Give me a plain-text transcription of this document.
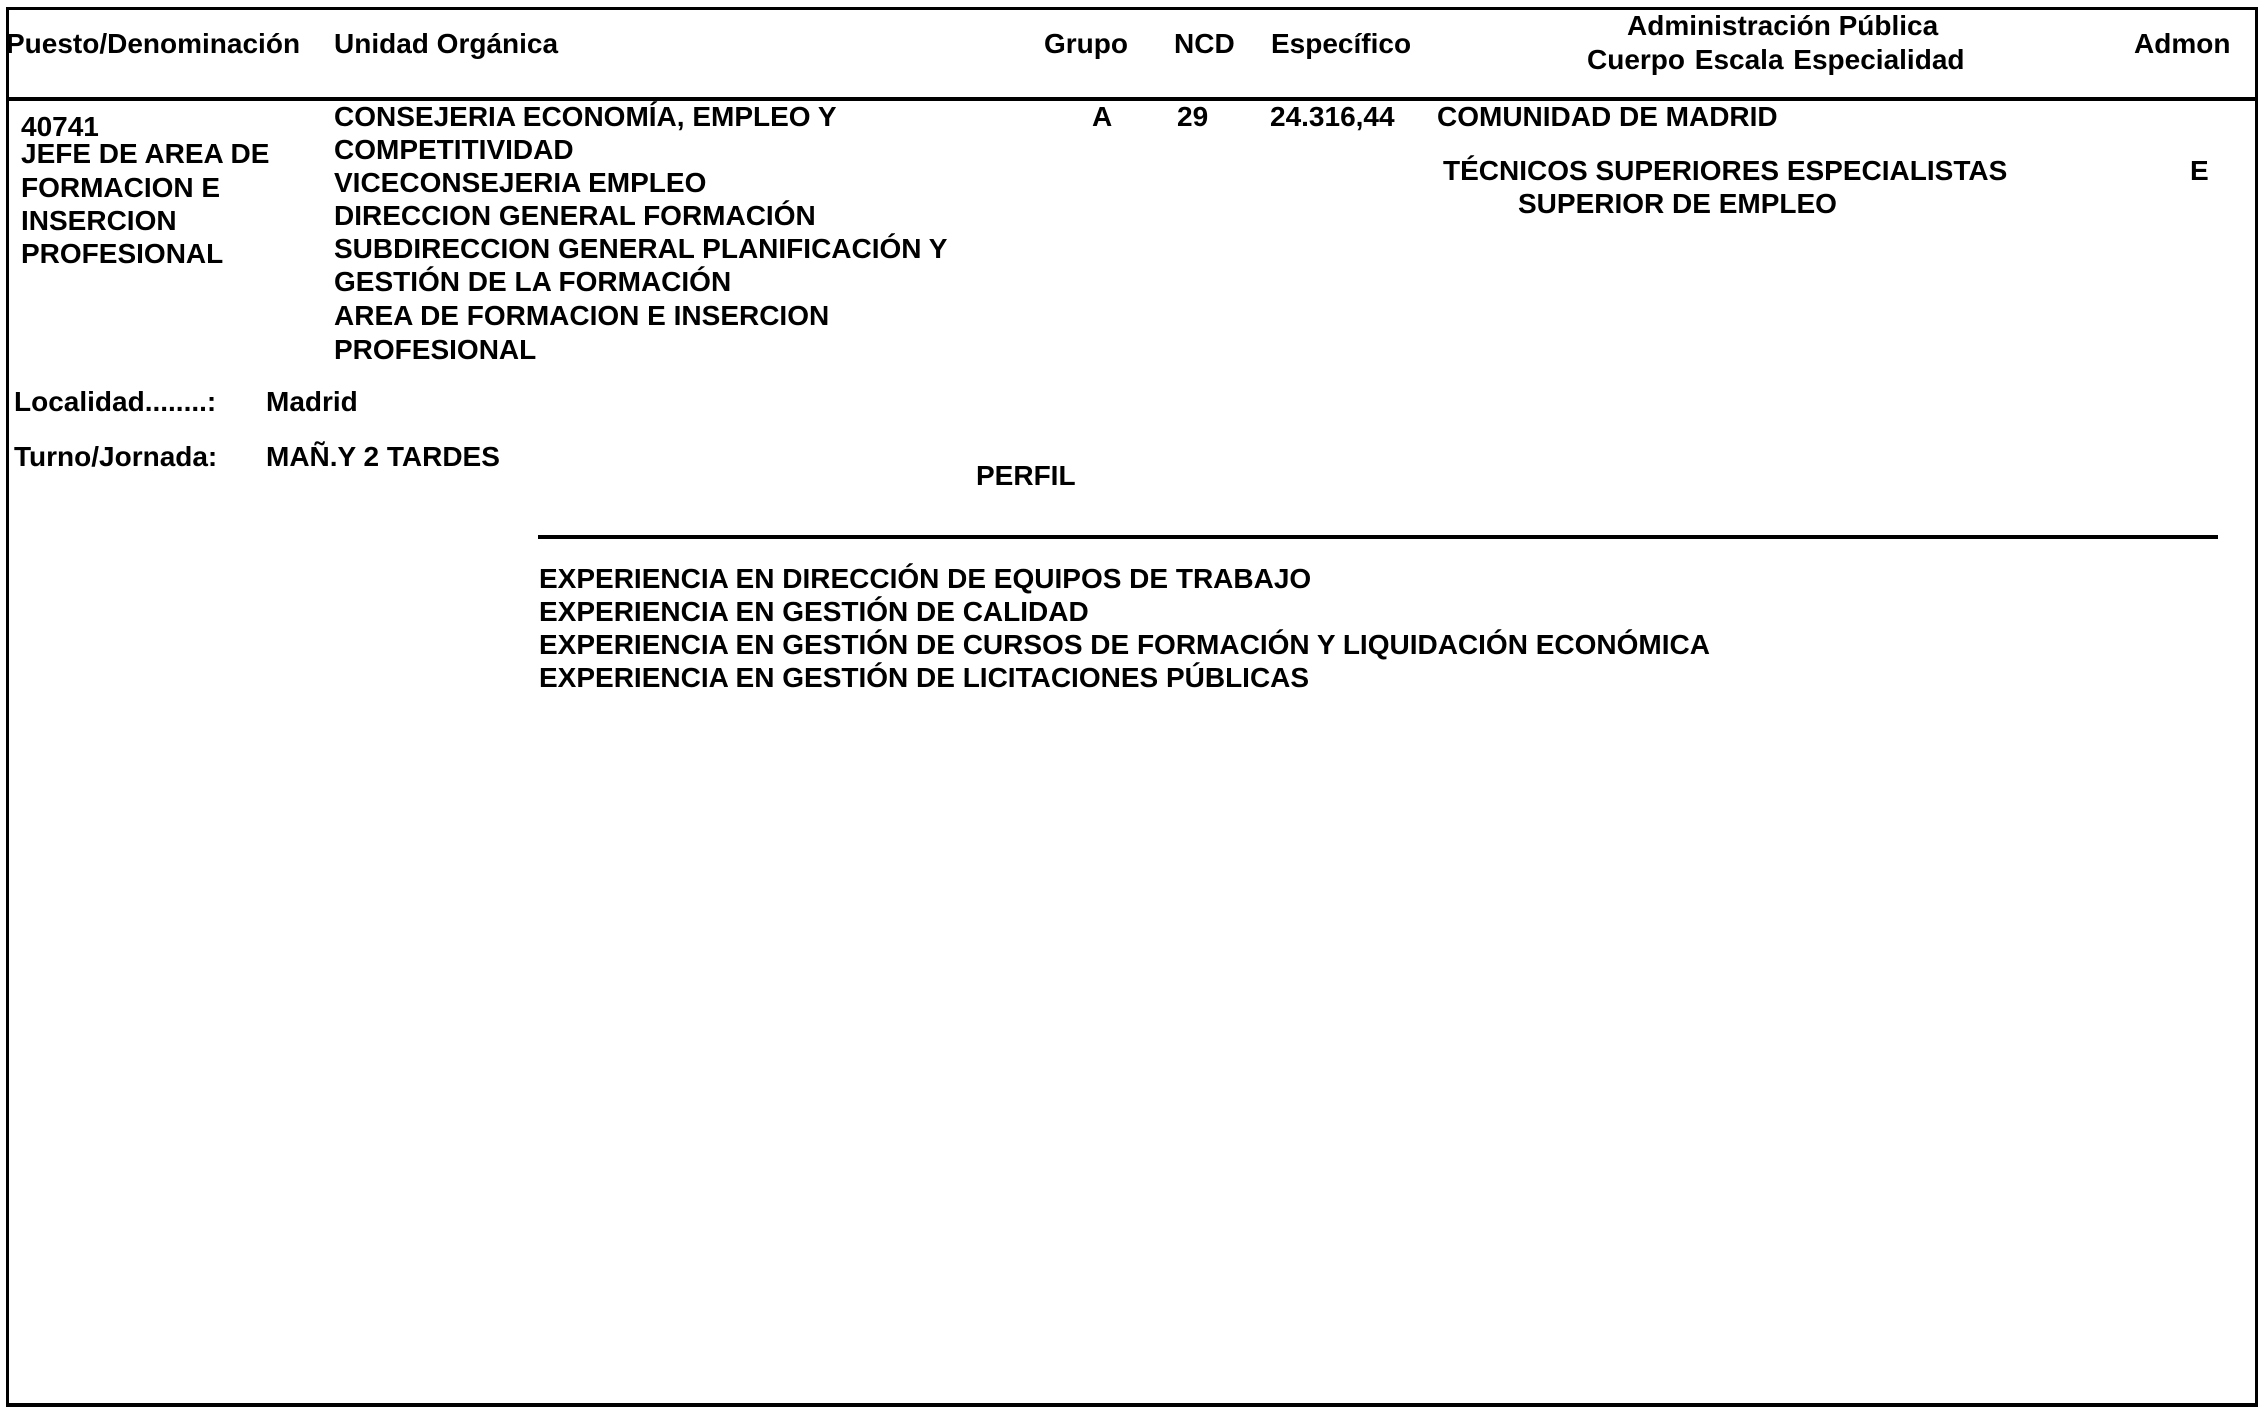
Puesto/Denominación Unidad Orgánica	Grupo NCD Específico
Administración Pública
Cuerpo Escala Especialidad
Admon
40741
JEFE DE AREA DE
FORMACION E
INSERCION
PROFESIONAL
CONSEJERIA ECONOMÍA, EMPLEO Y
COMPETITIVIDAD
VICECONSEJERIA EMPLEO
DIRECCION GENERAL FORMACIÓN
SUBDIRECCION GENERAL PLANIFICACIÓN Y
GESTIÓN DE LA FORMACIÓN
AREA DE FORMACION E INSERCION
PROFESIONAL
A 29 24.316,44 COMUNIDAD DE MADRID
TÉCNICOS SUPERIORES ESPECIALISTAS
SUPERIOR DE EMPLEO
E
Localidad........: Madrid
Turno/Jornada: MAÑ.Y 2 TARDES
PERFIL
EXPERIENCIA EN DIRECCIÓN DE EQUIPOS DE TRABAJO
EXPERIENCIA EN GESTIÓN DE CALIDAD
EXPERIENCIA EN GESTIÓN DE CURSOS DE FORMACIÓN Y LIQUIDACIÓN ECONÓMICA
EXPERIENCIA EN GESTIÓN DE LICITACIONES PÚBLICAS
